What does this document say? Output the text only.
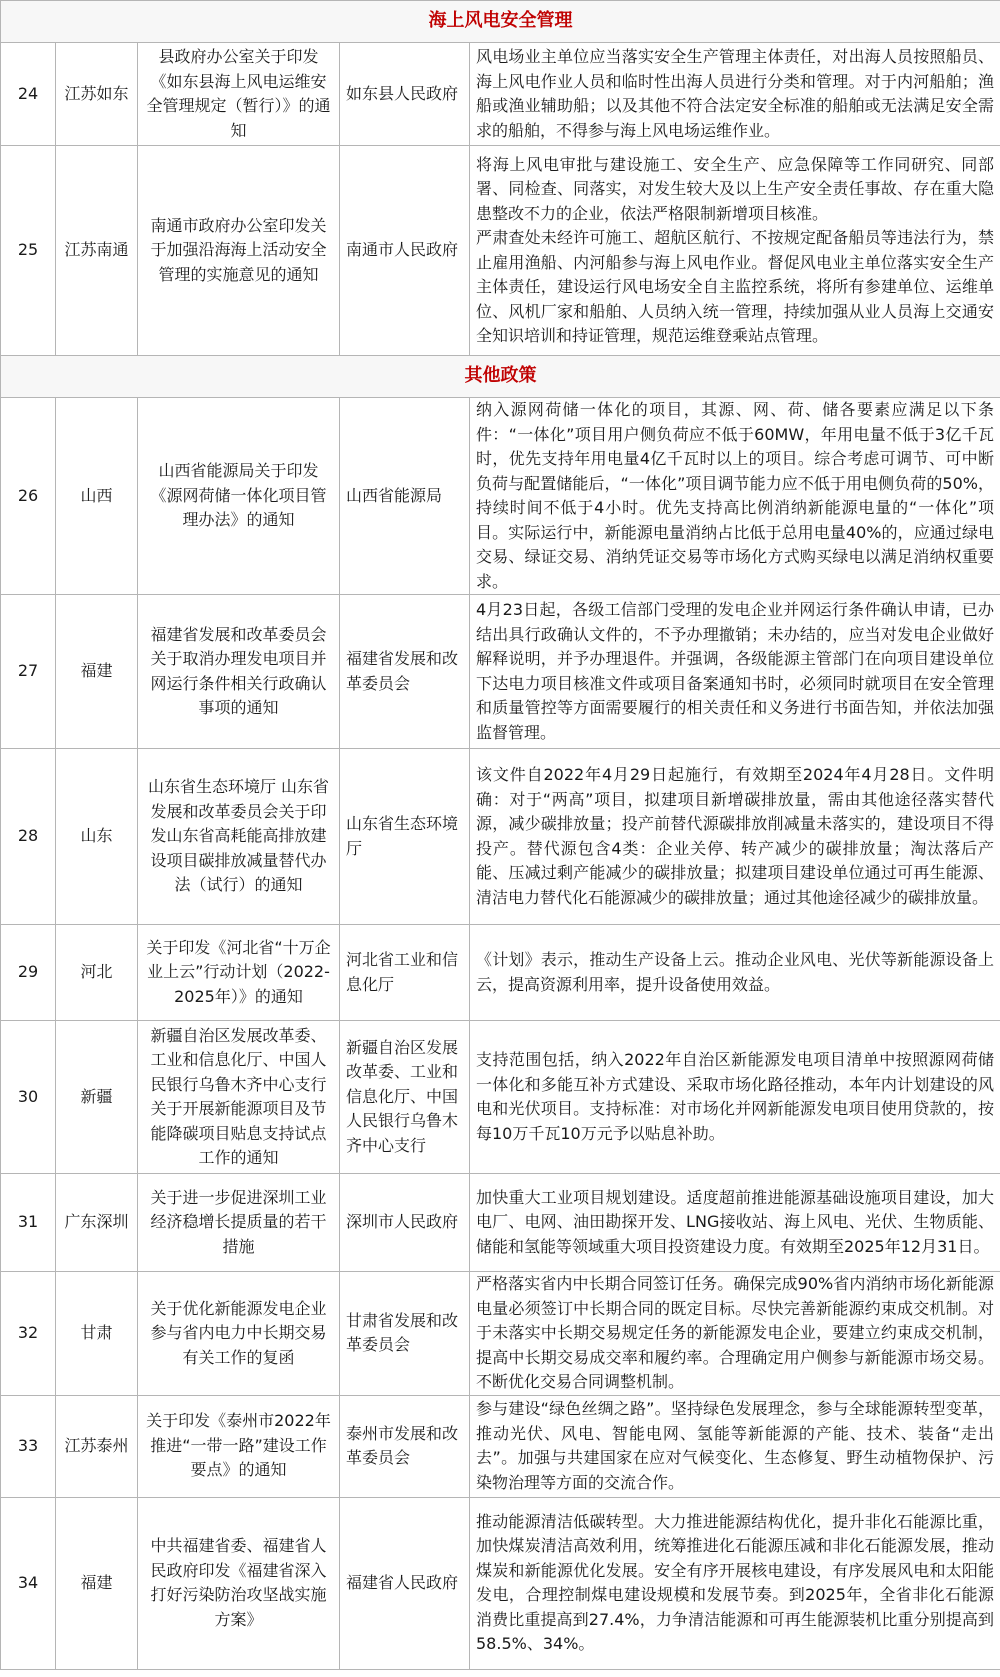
海上风电安全管理				
24	江苏如东	县政府办公室关于印发《如东县海上风电运维安全管理规定（暂行）》的通知	如东县人民政府	风电场业主单位应当落实安全生产管理主体责任，对出海人员按照船员、海上风电作业人员和临时性出海人员进行分类和管理。对于内河船舶；渔船或渔业辅助船；以及其他不符合法定安全标准的船舶或无法满足安全需求的船舶，不得参与海上风电场运维作业。

25	江苏南通	南通市政府办公室印发关于加强沿海海上活动安全管理的实施意见的通知	南通市人民政府	将海上风电审批与建设施工、安全生产、应急保障等工作同研究、同部署、同检查、同落实，对发生较大及以上生产安全责任事故、存在重大隐患整改不力的企业，依法严格限制新增项目核准。

严肃查处未经许可施工、超航区航行、不按规定配备船员等违法行为，禁止雇用渔船、内河船参与海上风电作业。督促风电业主单位落实安全生产主体责任，建设运行风电场安全自主监控系统，将所有参建单位、运维单位、风机厂家和船舶、人员纳入统一管理，持续加强从业人员海上交通安全知识培训和持证管理，规范运维登乘站点管理。

其他政策				
26	山西	山西省能源局关于印发《源网荷储一体化项目管理办法》的通知	山西省能源局	纳入源网荷储一体化的项目，其源、网、荷、储各要素应满足以下条件：“一体化”项目用户侧负荷应不低于60MW，年用电量不低于3亿千瓦时，优先支持年用电量4亿千瓦时以上的项目。综合考虑可调节、可中断负荷与配置储能后，“一体化”项目调节能力应不低于用电侧负荷的50%，持续时间不低于4小时。优先支持高比例消纳新能源电量的“一体化”项目。实际运行中，新能源电量消纳占比低于总用电量40%的，应通过绿电交易、绿证交易、消纳凭证交易等市场化方式购买绿电以满足消纳权重要求。

27	福建	福建省发展和改革委员会关于取消办理发电项目并网运行条件相关行政确认事项的通知	福建省发展和改革委员会	4月23日起，各级工信部门受理的发电企业并网运行条件确认申请，已办结出具行政确认文件的，不予办理撤销；未办结的，应当对发电企业做好解释说明，并予办理退件。并强调，各级能源主管部门在向项目建设单位下达电力项目核准文件或项目备案通知书时，必须同时就项目在安全管理和质量管控等方面需要履行的相关责任和义务进行书面告知，并依法加强监督管理。

28	山东	山东省生态环境厅 山东省发展和改革委员会关于印发山东省高耗能高排放建设项目碳排放减量替代办法（试行）的通知	山东省生态环境厅	该文件自2022年4月29日起施行，有效期至2024年4月28日。文件明确：对于“两高”项目，拟建项目新增碳排放量，需由其他途径落实替代源，减少碳排放量；投产前替代源碳排放削减量未落实的，建设项目不得投产。替代源包含4类：企业关停、转产减少的碳排放量；淘汰落后产能、压减过剩产能减少的碳排放量；拟建项目建设单位通过可再生能源、清洁电力替代化石能源减少的碳排放量；通过其他途径减少的碳排放量。

29	河北	关于印发《河北省“十万企业上云”行动计划（2022-2025年）》的通知	河北省工业和信息化厅	《计划》表示，推动生产设备上云。推动企业风电、光伏等新能源设备上云，提高资源利用率，提升设备使用效益。

30	新疆	新疆自治区发展改革委、工业和信息化厅、中国人民银行乌鲁木齐中心支行关于开展新能源项目及节能降碳项目贴息支持试点工作的通知	新疆自治区发展改革委、工业和信息化厅、中国人民银行乌鲁木齐中心支行	支持范围包括，纳入2022年自治区新能源发电项目清单中按照源网荷储一体化和多能互补方式建设、采取市场化路径推动，本年内计划建设的风电和光伏项目。支持标准：对市场化并网新能源发电项目使用贷款的，按每10万千瓦10万元予以贴息补助。

31	广东深圳	关于进一步促进深圳工业经济稳增长提质量的若干措施	深圳市人民政府	加快重大工业项目规划建设。适度超前推进能源基础设施项目建设，加大电厂、电网、油田勘探开发、LNG接收站、海上风电、光伏、生物质能、储能和氢能等领域重大项目投资建设力度。有效期至2025年12月31日。

32	甘肃	关于优化新能源发电企业参与省内电力中长期交易有关工作的复函	甘肃省发展和改革委员会	严格落实省内中长期合同签订任务。确保完成90%省内消纳市场化新能源电量必须签订中长期合同的既定目标。尽快完善新能源约束成交机制。对于未落实中长期交易规定任务的新能源发电企业，要建立约束成交机制，提高中长期交易成交率和履约率。合理确定用户侧参与新能源市场交易。不断优化交易合同调整机制。

33	江苏泰州	关于印发《泰州市2022年推进“一带一路”建设工作要点》的通知	泰州市发展和改革委员会	参与建设“绿色丝绸之路”。坚持绿色发展理念，参与全球能源转型变革，推动光伏、风电、智能电网、氢能等新能源的产能、技术、装备“走出去”。加强与共建国家在应对气候变化、生态修复、野生动植物保护、污染物治理等方面的交流合作。

34	福建	中共福建省委、福建省人民政府印发《福建省深入打好污染防治攻坚战实施方案》	福建省人民政府	推动能源清洁低碳转型。大力推进能源结构优化，提升非化石能源比重，加快煤炭清洁高效利用，统筹推进化石能源压减和非化石能源发展，推动煤炭和新能源优化发展。安全有序开展核电建设，有序发展风电和太阳能发电，合理控制煤电建设规模和发展节奏。到2025年，全省非化石能源消费比重提高到27.4%，力争清洁能源和可再生能源装机比重分别提高到58.5%、34%。
